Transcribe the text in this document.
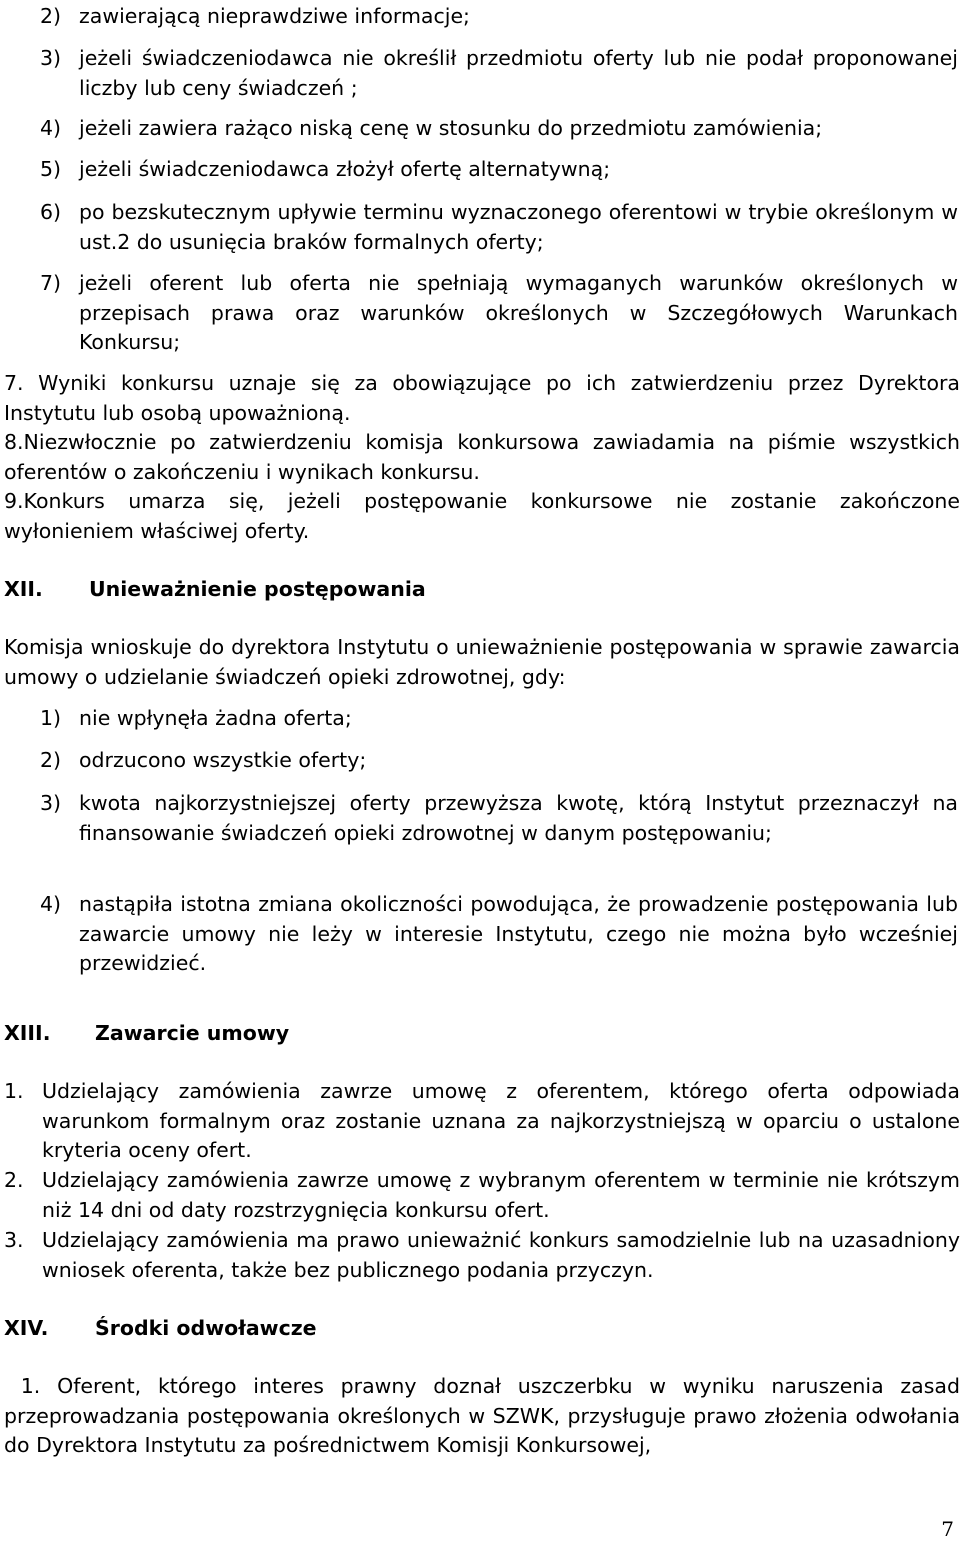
2) zawierającą nieprawdziwe informacje;
3) jeżeli świadczeniodawca nie określił przedmiotu oferty lub nie podał proponowanej liczby lub ceny świadczeń ;
4) jeżeli zawiera rażąco niską cenę w stosunku do przedmiotu zamówienia;
5) jeżeli świadczeniodawca złożył ofertę alternatywną;
6) po bezskutecznym upływie terminu wyznaczonego oferentowi w trybie określonym w ust.2 do usunięcia braków formalnych oferty;
7) jeżeli oferent lub oferta nie spełniają wymaganych warunków określonych w przepisach prawa oraz warunków określonych w Szczegółowych Warunkach Konkursu;
7. Wyniki konkursu uznaje się za obowiązujące po ich zatwierdzeniu przez Dyrektora Instytutu lub osobą upoważnioną.
8.Niezwłocznie po zatwierdzeniu komisja konkursowa zawiadamia na piśmie wszystkich oferentów o zakończeniu i wynikach konkursu.
9.Konkurs umarza się, jeżeli postępowanie konkursowe nie zostanie zakończone wyłonieniem właściwej oferty.
XII. Unieważnienie postępowania
Komisja wnioskuje do dyrektora Instytutu o unieważnienie postępowania w sprawie zawarcia umowy o udzielanie świadczeń opieki zdrowotnej, gdy:
1) nie wpłynęła żadna oferta;
2) odrzucono wszystkie oferty;
3) kwota najkorzystniejszej oferty przewyższa kwotę, którą Instytut przeznaczył na finansowanie świadczeń opieki zdrowotnej w danym postępowaniu;
4) nastąpiła istotna zmiana okoliczności powodująca, że prowadzenie postępowania lub zawarcie umowy nie leży w interesie Instytutu, czego nie można było wcześniej przewidzieć.
XIII. Zawarcie umowy
1. Udzielający zamówienia zawrze umowę z oferentem, którego oferta odpowiada warunkom formalnym oraz zostanie uznana za najkorzystniejszą w oparciu o ustalone kryteria oceny ofert.
2. Udzielający zamówienia zawrze umowę z wybranym oferentem w terminie nie krótszym niż 14 dni od daty rozstrzygnięcia konkursu ofert.
3. Udzielający zamówienia ma prawo unieważnić konkurs samodzielnie lub na uzasadniony wniosek oferenta, także bez publicznego podania przyczyn.
XIV. Środki odwoławcze
1. Oferent, którego interes prawny doznał uszczerbku w wyniku naruszenia zasad przeprowadzania postępowania określonych w SZWK, przysługuje prawo złożenia odwołania do Dyrektora Instytutu za pośrednictwem Komisji Konkursowej,
7
